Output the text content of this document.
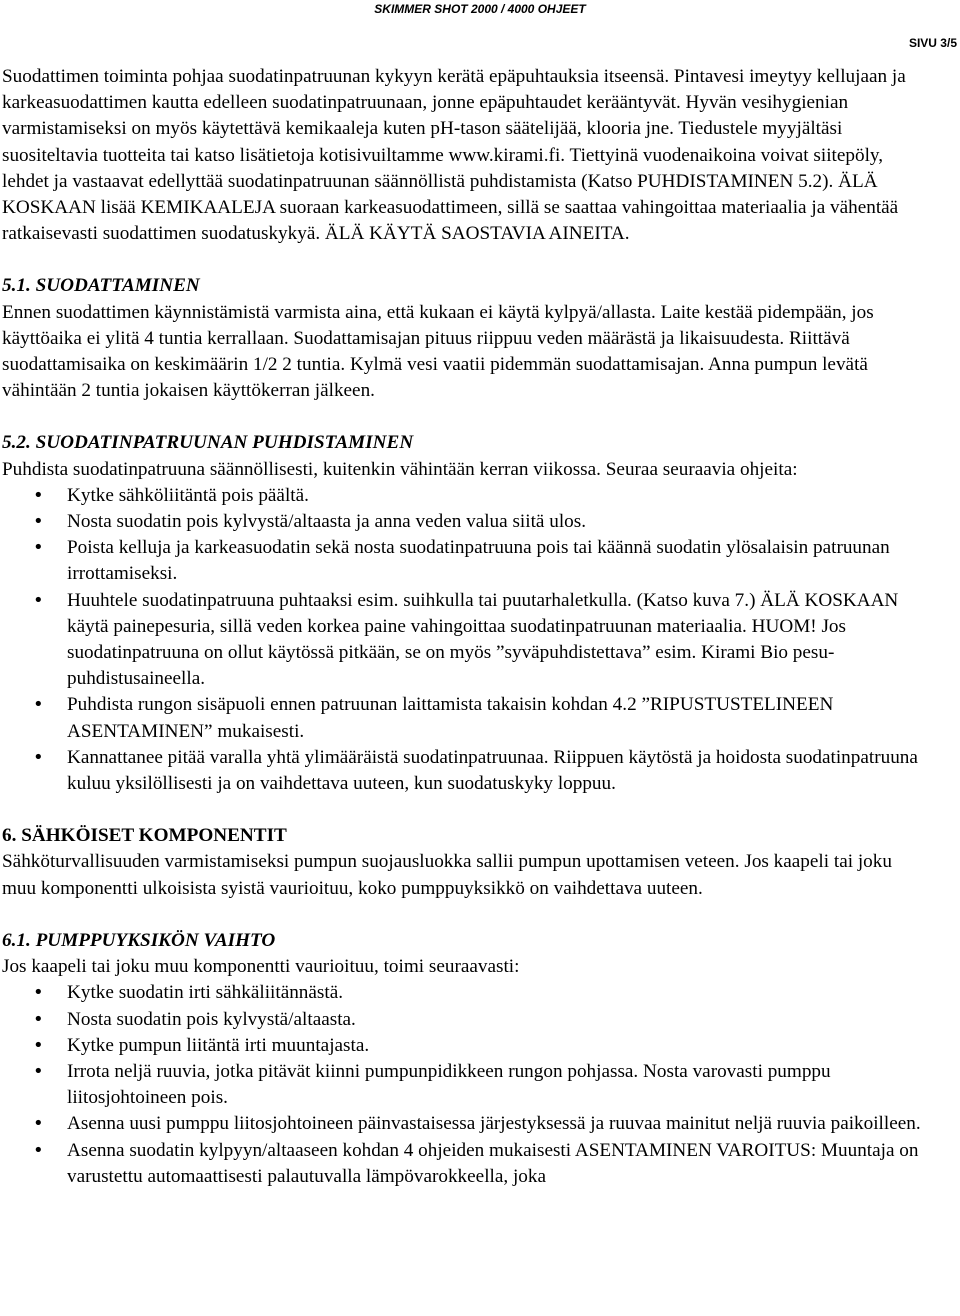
SKIMMER SHOT 2000 / 4000 OHJEET
SIVU 3/5

Suodattimen toiminta pohjaa suodatinpatruunan kykyyn kerätä epäpuhtauksia itseensä. Pintavesi imeytyy kellujaan ja karkeasuodattimen kautta edelleen suodatinpatruunaan, jonne epäpuhtaudet kerääntyvät. Hyvän vesihygienian varmistamiseksi on myös käytettävä kemikaaleja kuten pH-tason säätelijää, klooria jne. Tiedustele myyjältäsi suositeltavia tuotteita tai katso lisätietoja kotisivuiltamme www.kirami.fi. Tiettyinä vuodenaikoina voivat siitepöly, lehdet ja vastaavat edellyttää suodatinpatruunan säännöllistä puhdistamista (Katso PUHDISTAMINEN 5.2). ÄLÄ KOSKAAN lisää KEMIKAALEJA suoraan karkeasuodattimeen, sillä se saattaa vahingoittaa materiaalia ja vähentää ratkaisevasti suodattimen suodatuskykyä. ÄLÄ KÄYTÄ SAOSTAVIA AINEITA.

5.1. SUODATTAMINEN

Ennen suodattimen käynnistämistä varmista aina, että kukaan ei käytä kylpyä/allasta. Laite kestää pidempään, jos käyttöaika ei ylitä 4 tuntia kerrallaan. Suodattamisajan pituus riippuu veden määrästä ja likaisuudesta. Riittävä suodattamisaika on keskimäärin 1/2 2 tuntia. Kylmä vesi vaatii pidemmän suodattamisajan. Anna pumpun levätä vähintään 2 tuntia jokaisen käyttökerran jälkeen.

5.2. SUODATINPATRUUNAN PUHDISTAMINEN

Puhdista suodatinpatruuna säännöllisesti, kuitenkin vähintään kerran viikossa. Seuraa seuraavia ohjeita:

• Kytke sähköliitäntä pois päältä.
• Nosta suodatin pois kylvystä/altaasta ja anna veden valua siitä ulos.
• Poista kelluja ja karkeasuodatin sekä nosta suodatinpatruuna pois tai käännä suodatin ylösalaisin patruunan irrottamiseksi.
• Huuhtele suodatinpatruuna puhtaaksi esim. suihkulla tai puutarhaletkulla. (Katso kuva 7.) ÄLÄ KOSKAAN käytä painepesuria, sillä veden korkea paine vahingoittaa suodatinpatruunan materiaalia. HUOM! Jos suodatinpatruuna on ollut käytössä pitkään, se on myös ”syväpuhdistettava” esim. Kirami Bio pesu-puhdistusaineella.
• Puhdista rungon sisäpuoli ennen patruunan laittamista takaisin kohdan 4.2 ”RIPUSTUSTELINEEN ASENTAMINEN” mukaisesti.
• Kannattanee pitää varalla yhtä ylimääräistä suodatinpatruunaa. Riippuen käytöstä ja hoidosta suodatinpatruuna kuluu yksilöllisesti ja on vaihdettava uuteen, kun suodatuskyky loppuu.

6. SÄHKÖISET KOMPONENTIT

Sähköturvallisuuden varmistamiseksi pumpun suojausluokka sallii pumpun upottamisen veteen. Jos kaapeli tai joku muu komponentti ulkoisista syistä vaurioituu, koko pumppuyksikkö on vaihdettava uuteen.

6.1. PUMPPUYKSIKÖN VAIHTO

Jos kaapeli tai joku muu komponentti vaurioituu, toimi seuraavasti:

• Kytke suodatin irti sähkäliitännästä.
• Nosta suodatin pois kylvystä/altaasta.
• Kytke pumpun liitäntä irti muuntajasta.
• Irrota neljä ruuvia, jotka pitävät kiinni pumpunpidikkeen rungon pohjassa. Nosta varovasti pumppu liitosjohtoineen pois.
• Asenna uusi pumppu liitosjohtoineen päinvastaisessa järjestyksessä ja ruuvaa mainitut neljä ruuvia paikoilleen.
• Asenna suodatin kylpyyn/altaaseen kohdan 4 ohjeiden mukaisesti ASENTAMINEN VAROITUS: Muuntaja on varustettu automaattisesti palautuvalla lämpövarokkeella, joka
